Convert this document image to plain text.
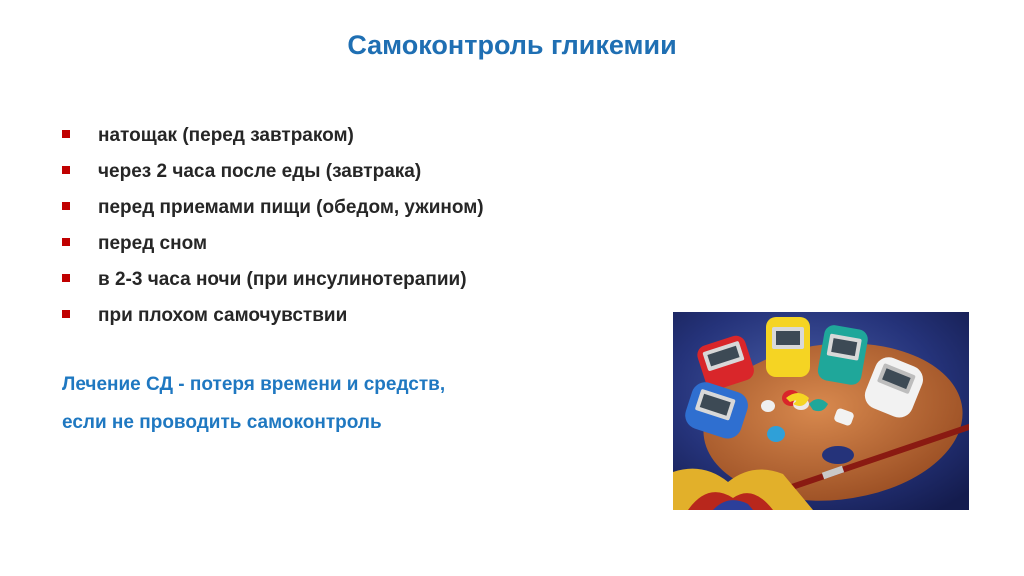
Самоконтроль гликемии
натощак (перед завтраком)
через 2 часа после еды (завтрака)
перед приемами пищи (обедом, ужином)
перед сном
в 2-3 часа ночи (при инсулинотерапии)
при плохом самочувствии
Лечение СД - потеря времени и средств,
если не проводить самоконтроль
